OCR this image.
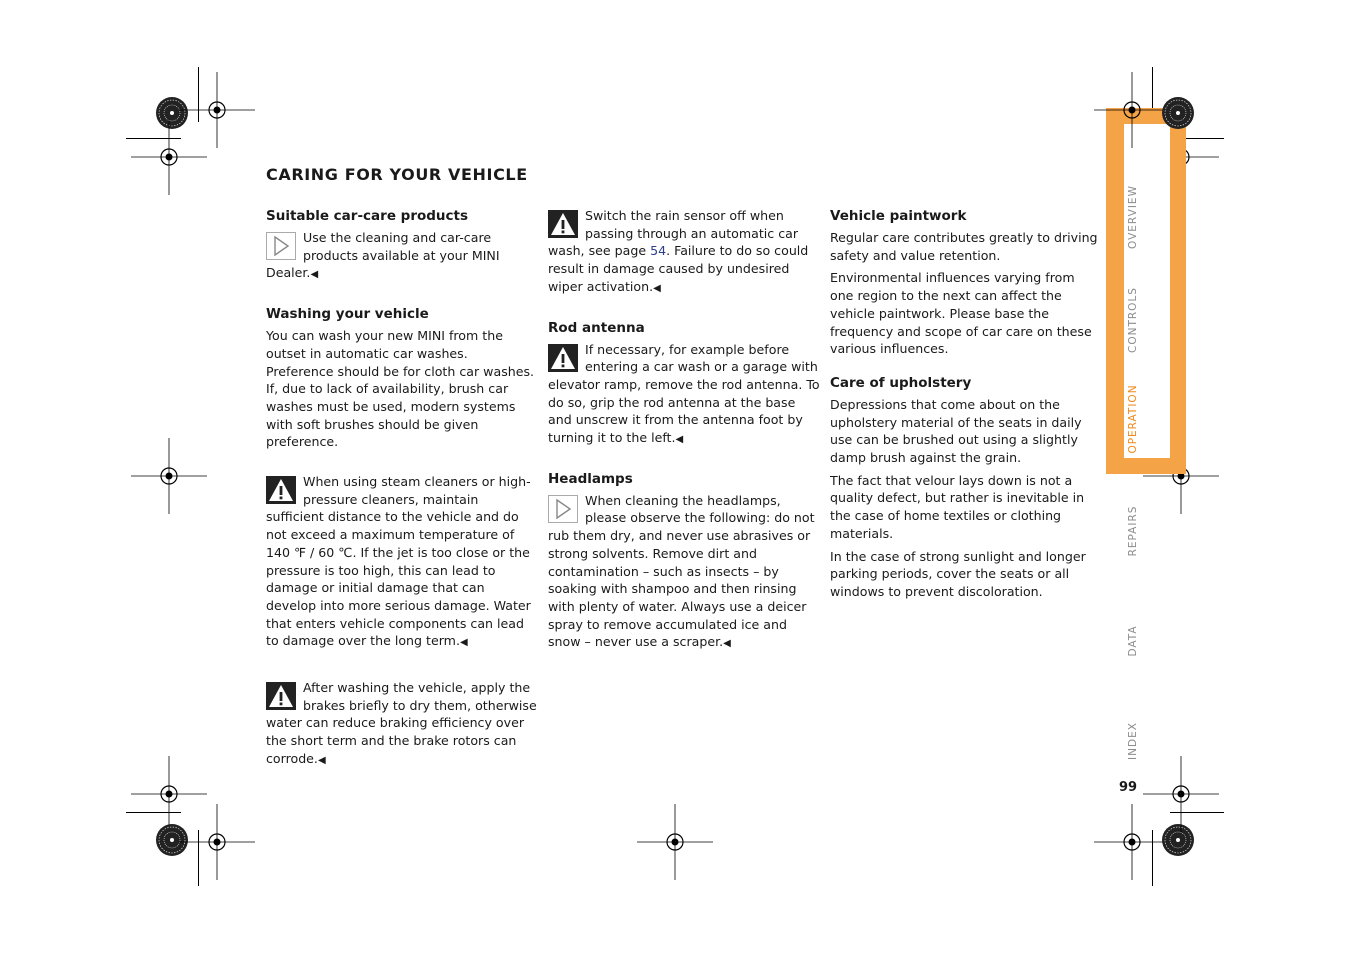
OVERVIEW
CONTROLS
OPERATION
REPAIRS
DATA
INDEX
99
CARING FOR YOUR VEHICLE
Suitable car-care products

Use the cleaning and car-care products available at your MINI Dealer.◀

Washing your vehicle

You can wash your new MINI from the outset in automatic car washes. Preference should be for cloth car washes. If, due to lack of availability, brush car washes must be used, modern systems with soft brushes should be given preference.

When using steam cleaners or high-pressure cleaners, maintain sufficient distance to the vehicle and do not exceed a maximum temperature of 140 ℉ / 60 ℃. If the jet is too close or the pressure is too high, this can lead to damage or initial damage that can develop into more serious damage. Water that enters vehicle components can lead to damage over the long term.◀

After washing the vehicle, apply the brakes briefly to dry them, otherwise water can reduce braking efficiency over the short term and the brake rotors can corrode.◀

Switch the rain sensor off when passing through an automatic car wash, see page 54. Failure to do so could result in damage caused by undesired wiper activation.◀

Rod antenna

If necessary, for example before entering a car wash or a garage with elevator ramp, remove the rod antenna. To do so, grip the rod antenna at the base and unscrew it from the antenna foot by turning it to the left.◀

Headlamps

When cleaning the headlamps, please observe the following: do not rub them dry, and never use abrasives or strong solvents. Remove dirt and contamination – such as insects – by soaking with shampoo and then rinsing with plenty of water. Always use a deicer spray to remove accumulated ice and snow – never use a scraper.◀

Vehicle paintwork

Regular care contributes greatly to driving safety and value retention.

Environmental influences varying from one region to the next can affect the vehicle paintwork. Please base the frequency and scope of car care on these various influences.

Care of upholstery

Depressions that come about on the upholstery material of the seats in daily use can be brushed out using a slightly damp brush against the grain.

The fact that velour lays down is not a quality defect, but rather is inevitable in the case of home textiles or clothing materials.

In the case of strong sunlight and longer parking periods, cover the seats or all windows to prevent discoloration.
